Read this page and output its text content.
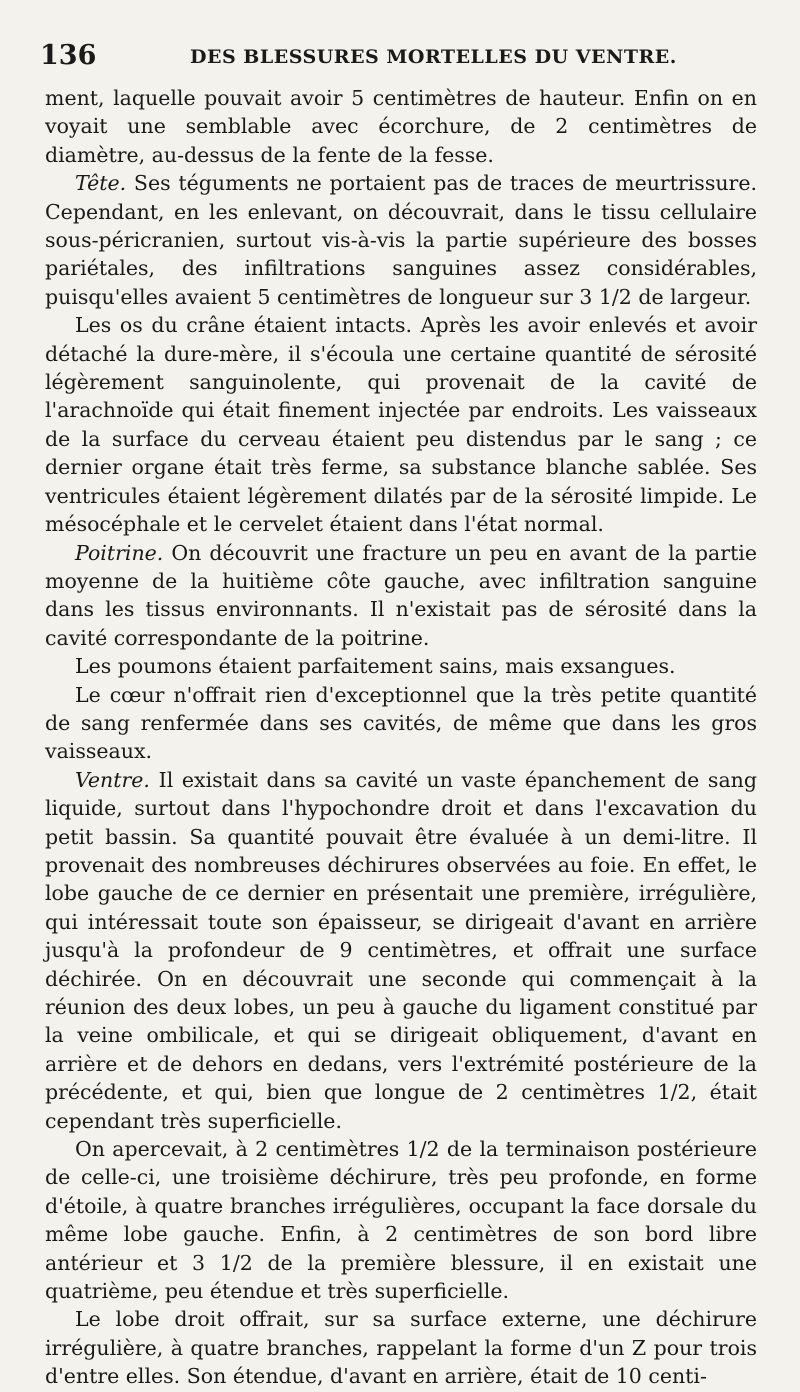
136	DES BLESSURES MORTELLES DU VENTRE.

ment, laquelle pouvait avoir 5 centimètres de hauteur. Enfin on en voyait une semblable avec écorchure, de 2 centimètres de diamètre, au-dessus de la fente de la fesse.

Tête. Ses téguments ne portaient pas de traces de meurtrissure. Cependant, en les enlevant, on découvrait, dans le tissu cellulaire sous-péricranien, surtout vis-à-vis la partie supérieure des bosses pariétales, des infiltrations sanguines assez considérables, puisqu'elles avaient 5 centimètres de longueur sur 3 1/2 de largeur.

Les os du crâne étaient intacts. Après les avoir enlevés et avoir détaché la dure-mère, il s'écoula une certaine quantité de sérosité légèrement sanguinolente, qui provenait de la cavité de l'arachnoïde qui était finement injectée par endroits. Les vaisseaux de la surface du cerveau étaient peu distendus par le sang ; ce dernier organe était très ferme, sa substance blanche sablée. Ses ventricules étaient légèrement dilatés par de la sérosité limpide. Le mésocéphale et le cervelet étaient dans l'état normal.

Poitrine. On découvrit une fracture un peu en avant de la partie moyenne de la huitième côte gauche, avec infiltration sanguine dans les tissus environnants. Il n'existait pas de sérosité dans la cavité correspondante de la poitrine.

Les poumons étaient parfaitement sains, mais exsangues.

Le cœur n'offrait rien d'exceptionnel que la très petite quantité de sang renfermée dans ses cavités, de même que dans les gros vaisseaux.

Ventre. Il existait dans sa cavité un vaste épanchement de sang liquide, surtout dans l'hypochondre droit et dans l'excavation du petit bassin. Sa quantité pouvait être évaluée à un demi-litre. Il provenait des nombreuses déchirures observées au foie. En effet, le lobe gauche de ce dernier en présentait une première, irrégulière, qui intéressait toute son épaisseur, se dirigeait d'avant en arrière jusqu'à la profondeur de 9 centimètres, et offrait une surface déchirée. On en découvrait une seconde qui commençait à la réunion des deux lobes, un peu à gauche du ligament constitué par la veine ombilicale, et qui se dirigeait obliquement, d'avant en arrière et de dehors en dedans, vers l'extrémité postérieure de la précédente, et qui, bien que longue de 2 centimètres 1/2, était cependant très superficielle.

On apercevait, à 2 centimètres 1/2 de la terminaison postérieure de celle-ci, une troisième déchirure, très peu profonde, en forme d'étoile, à quatre branches irrégulières, occupant la face dorsale du même lobe gauche. Enfin, à 2 centimètres de son bord libre antérieur et 3 1/2 de la première blessure, il en existait une quatrième, peu étendue et très superficielle.

Le lobe droit offrait, sur sa surface externe, une déchirure irrégulière, à quatre branches, rappelant la forme d'un Z pour trois d'entre elles. Son étendue, d'avant en arrière, était de 10 centi-
